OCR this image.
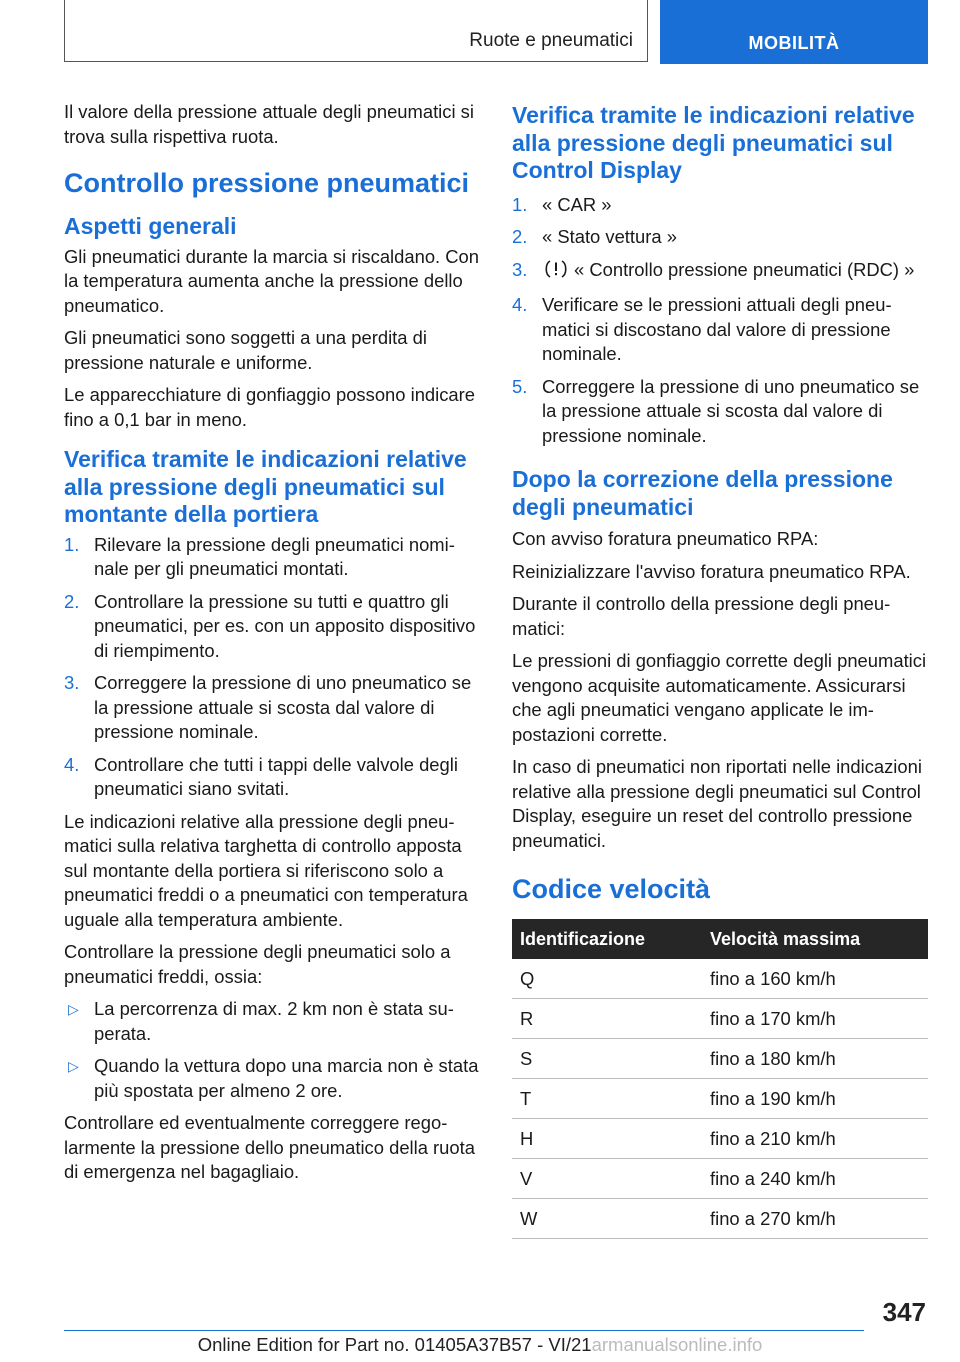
Ruote e pneumatici	MOBILITÀ

Il valore della pressione attuale degli pneumatici si trova sulla rispettiva ruota.

Controllo pressione pneumatici
Aspetti generali

Gli pneumatici durante la marcia si riscaldano. Con la temperatura aumenta anche la pressione dello pneumatico.

Gli pneumatici sono soggetti a una perdita di pressione naturale e uniforme.

Le apparecchiature di gonfiaggio possono indicare fino a 0,1 bar in meno.

Verifica tramite le indicazioni relative alla pressione degli pneumatici sul montante della portiera
1. Rilevare la pressione degli pneumatici nominale per gli pneumatici montati.
2. Controllare la pressione su tutti e quattro gli pneumatici, per es. con un apposito dispositivo di riempimento.
3. Correggere la pressione di uno pneumatico se la pressione attuale si scosta dal valore di pressione nominale.
4. Controllare che tutti i tappi delle valvole degli pneumatici siano svitati.

Le indicazioni relative alla pressione degli pneumatici sulla relativa targhetta di controllo apposta sul montante della portiera si riferiscono solo a pneumatici freddi o a pneumatici con temperatura uguale alla temperatura ambiente.

Controllare la pressione degli pneumatici solo a pneumatici freddi, ossia:

▷ La percorrenza di max. 2 km non è stata superata.
▷ Quando la vettura dopo una marcia non è stata più spostata per almeno 2 ore.

Controllare ed eventualmente correggere regolarmente la pressione dello pneumatico della ruota di emergenza nel bagagliaio.

Verifica tramite le indicazioni relative alla pressione degli pneumatici sul Control Display
1. « CAR »
2. « Stato vettura »
3.	« Controllo pressione pneumatici (RDC) »
4. Verificare se le pressioni attuali degli pneumatici si discostano dal valore di pressione nominale.
5. Correggere la pressione di uno pneumatico se la pressione attuale si scosta dal valore di pressione nominale.
Dopo la correzione della pressione degli pneumatici

Con avviso foratura pneumatico RPA:

Reinizializzare l'avviso foratura pneumatico RPA.

Durante il controllo della pressione degli pneumatici:

Le pressioni di gonfiaggio corrette degli pneumatici vengono acquisite automaticamente. Assicurarsi che agli pneumatici vengano applicate le impostazioni corrette.

In caso di pneumatici non riportati nelle indicazioni relative alla pressione degli pneumatici sul Control Display, eseguire un reset del controllo pressione pneumatici.

Codice velocità
Identificazione	Velocità massima
Q	fino a 160 km/h
R	fino a 170 km/h
S	fino a 180 km/h
T	fino a 190 km/h
H	fino a 210 km/h
V	fino a 240 km/h
W	fino a 270 km/h
347
Online Edition for Part no. 01405A37B57 - VI/21armanualsonline.info
